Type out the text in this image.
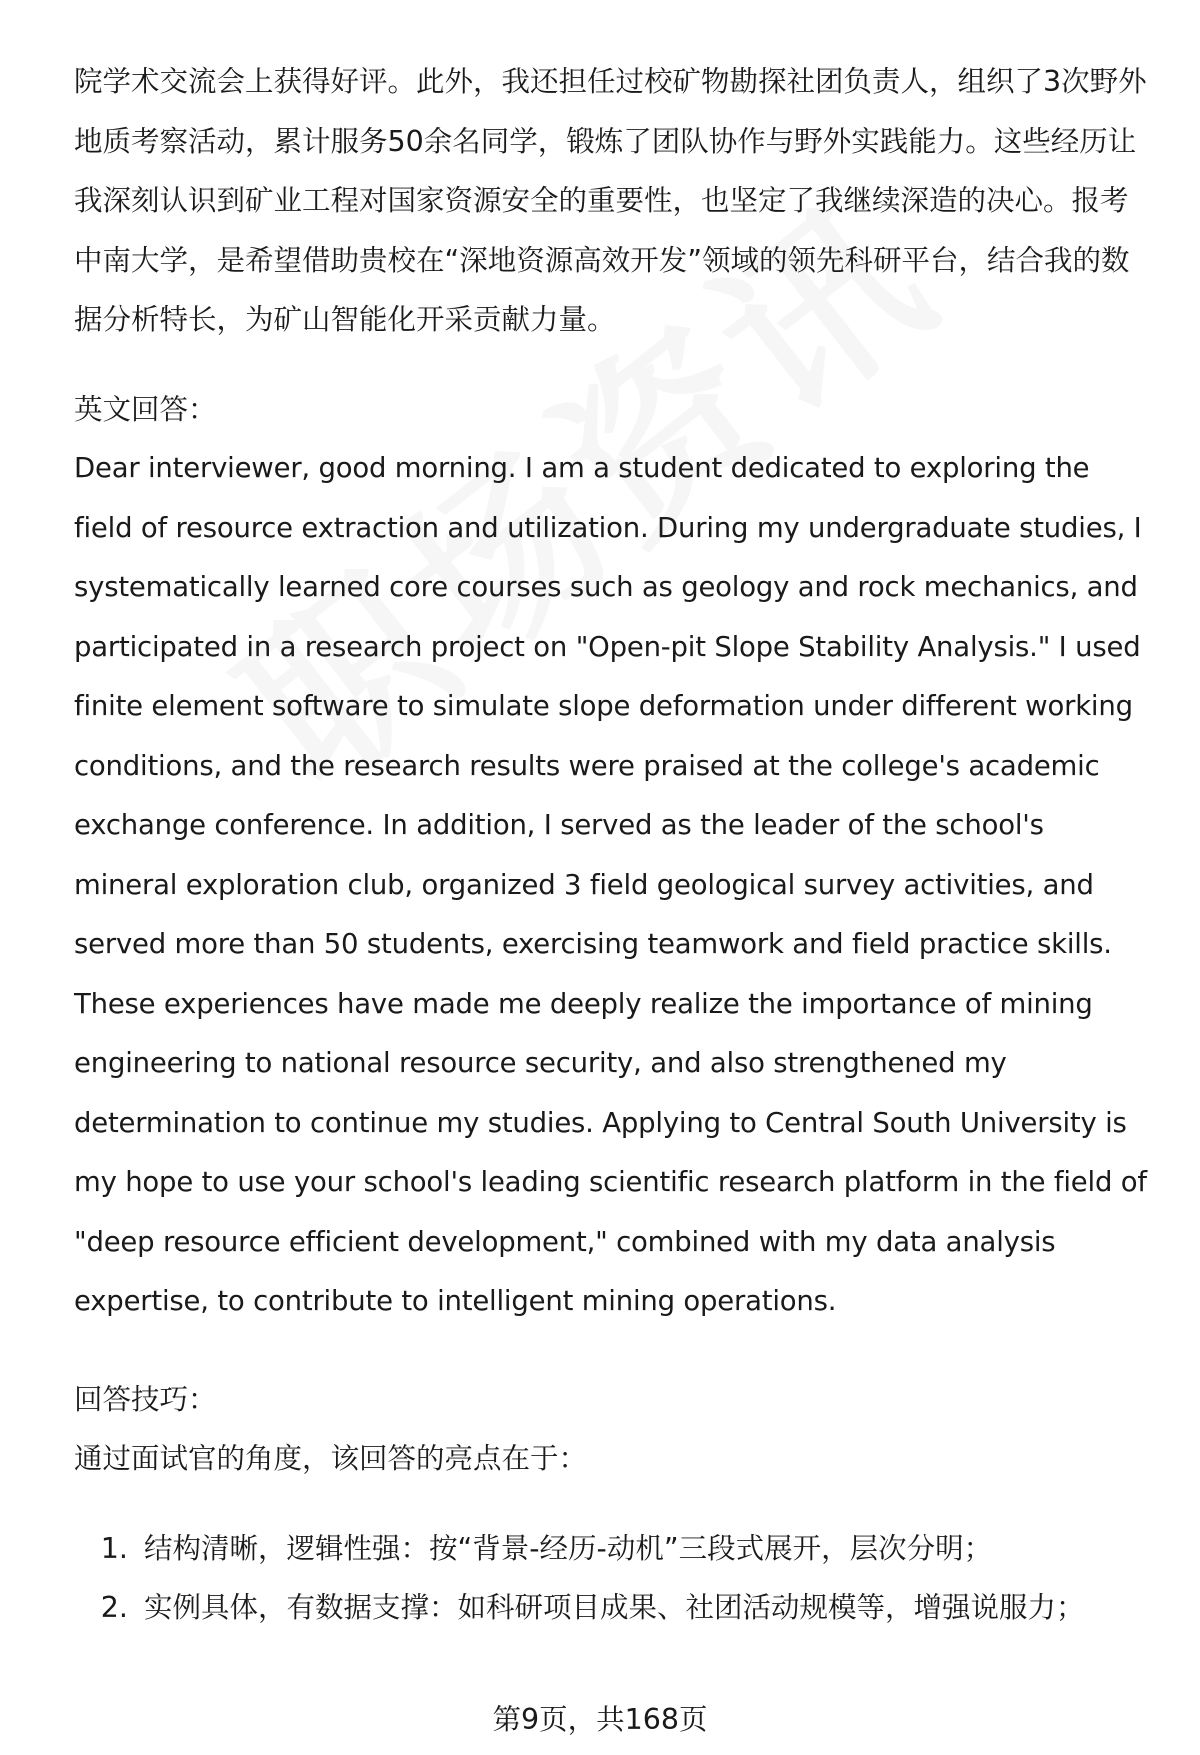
院学术交流会上获得好评。此外，我还担任过校矿物勘探社团负责人，组织了3次野外地质考察活动，累计服务50余名同学，锻炼了团队协作与野外实践能力。这些经历让我深刻认识到矿业工程对国家资源安全的重要性，也坚定了我继续深造的决心。报考中南大学，是希望借助贵校在“深地资源高效开发”领域的领先科研平台，结合我的数据分析特长，为矿山智能化开采贡献力量。

英文回答：

Dear interviewer, good morning. I am a student dedicated to exploring the field of resource extraction and utilization. During my undergraduate studies, I systematically learned core courses such as geology and rock mechanics, and participated in a research project on "Open-pit Slope Stability Analysis." I used finite element software to simulate slope deformation under different working conditions, and the research results were praised at the college's academic exchange conference. In addition, I served as the leader of the school's mineral exploration club, organized 3 field geological survey activities, and served more than 50 students, exercising teamwork and field practice skills. These experiences have made me deeply realize the importance of mining engineering to national resource security, and also strengthened my determination to continue my studies. Applying to Central South University is my hope to use your school's leading scientific research platform in the field of "deep resource efficient development," combined with my data analysis expertise, to contribute to intelligent mining operations.

回答技巧：

通过面试官的角度，该回答的亮点在于：

1. 结构清晰，逻辑性强：按“背景-经历-动机”三段式展开，层次分明；
2. 实例具体，有数据支撑：如科研项目成果、社团活动规模等，增强说服力；
第9页，共168页
